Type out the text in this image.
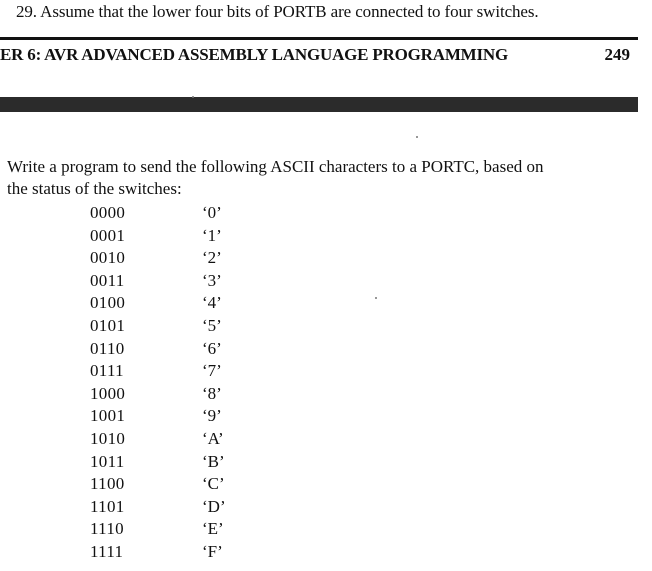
29. Assume that the lower four bits of PORTB are connected to four switches.
ER 6: AVR ADVANCED ASSEMBLY LANGUAGE PROGRAMMING	249
Write a program to send the following ASCII characters to a PORTC, based on
the status of the switches:
0000	‘0’
0001	‘1’
0010	‘2’
0011	‘3’
0100	‘4’
0101	‘5’
0110	‘6’
0111	‘7’
1000	‘8’
1001	‘9’
1010	‘A’
1011	‘B’
1100	‘C’
1101	‘D’
1110	‘E’
1111	‘F’
